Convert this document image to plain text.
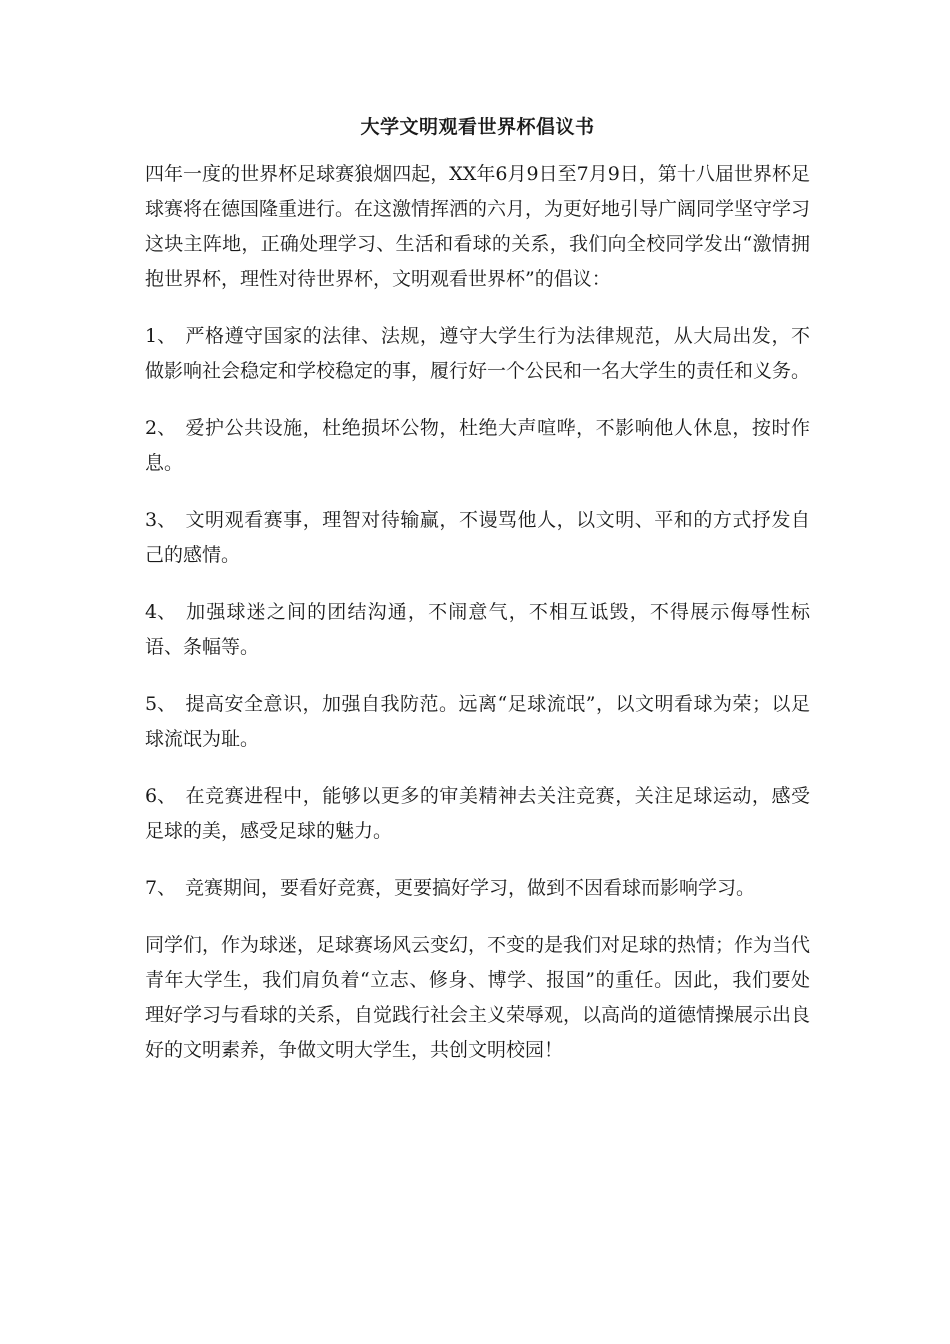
大学文明观看世界杯倡议书

四年一度的世界杯足球赛狼烟四起，XX年6月9日至7月9日，第十八届世界杯足球赛将在德国隆重进行。在这激情挥洒的六月，为更好地引导广阔同学坚守学习这块主阵地，正确处理学习、生活和看球的关系，我们向全校同学发出“激情拥抱世界杯，理性对待世界杯，文明观看世界杯”的倡议：

1、 严格遵守国家的法律、法规，遵守大学生行为法律规范，从大局出发，不做影响社会稳定和学校稳定的事，履行好一个公民和一名大学生的责任和义务。
2、 爱护公共设施，杜绝损坏公物，杜绝大声喧哗，不影响他人休息，按时作息。
3、 文明观看赛事，理智对待输赢，不谩骂他人，以文明、平和的方式抒发自己的感情。
4、 加强球迷之间的团结沟通，不闹意气，不相互诋毁，不得展示侮辱性标语、条幅等。
5、 提高安全意识，加强自我防范。远离“足球流氓”，以文明看球为荣；以足球流氓为耻。
6、 在竞赛进程中，能够以更多的审美精神去关注竞赛，关注足球运动，感受足球的美，感受足球的魅力。
7、 竞赛期间，要看好竞赛，更要搞好学习，做到不因看球而影响学习。

同学们，作为球迷，足球赛场风云变幻，不变的是我们对足球的热情；作为当代青年大学生，我们肩负着“立志、修身、博学、报国”的重任。因此，我们要处理好学习与看球的关系，自觉践行社会主义荣辱观，以高尚的道德情操展示出良好的文明素养，争做文明大学生，共创文明校园！
